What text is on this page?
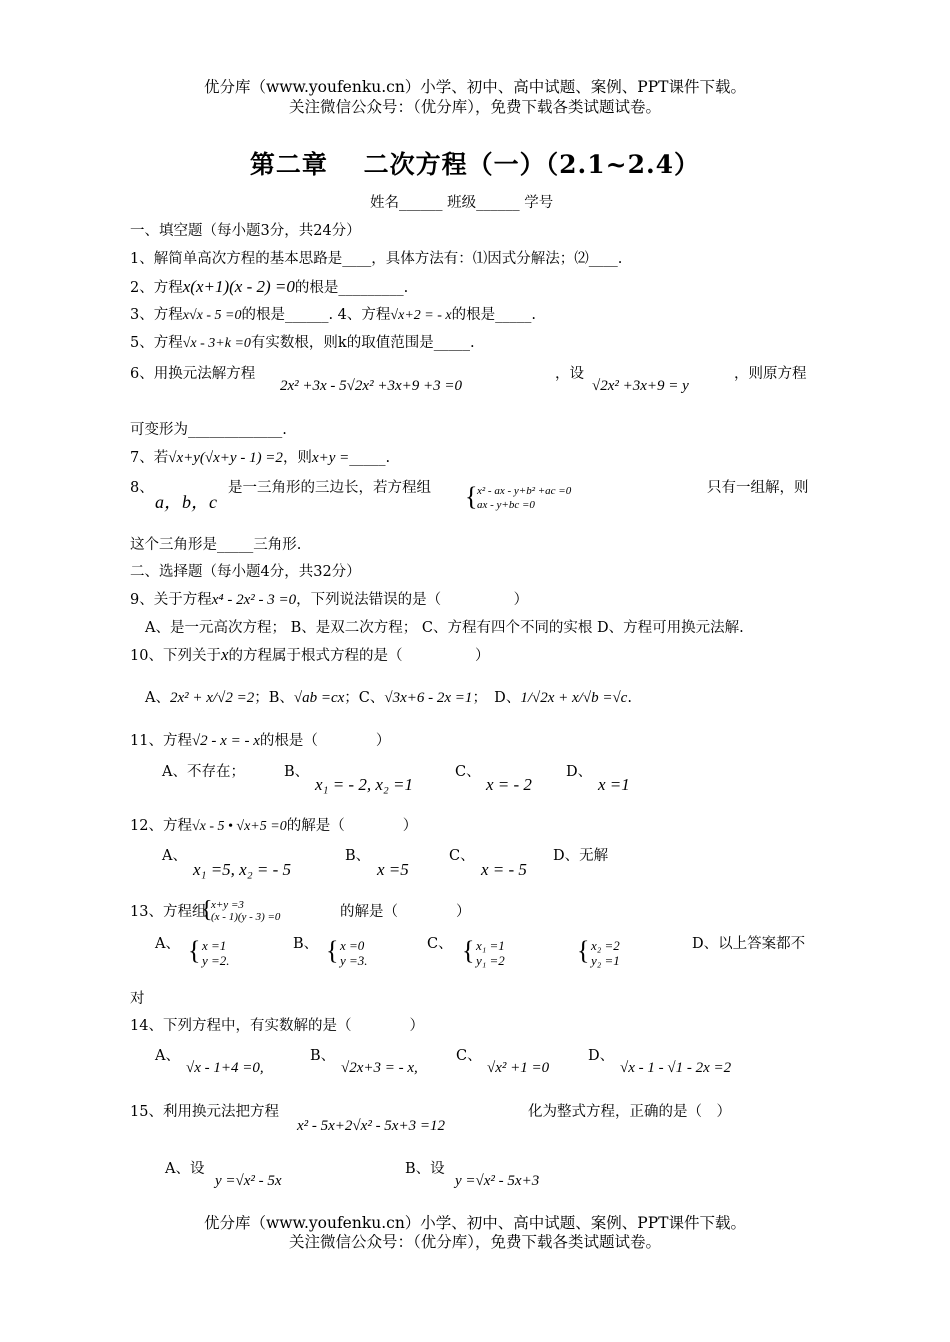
优分库（www.youfenku.cn）小学、初中、高中试题、案例、PPT课件下载。
关注微信公众号：（优分库），免费下载各类试题试卷。
第二章　 二次方程（一）（2.1~2.4）
姓名______ 班级______ 学号
一、填空题（每小题3分，共24分）
1、解简单高次方程的基本思路是____，具体方法有：⑴因式分解法；⑵____.
2、方程x(x+1)(x - 2) =0的根是_________.
3、方程x√x - 5 =0的根是______. 4、方程√x+2 = - x的根是_____.
5、方程√x - 3+k =0有实数根，则k的取值范围是_____.
6、用换元法解方程
2x² +3x - 5√2x² +3x+9 +3 =0
，设
√2x² +3x+9 = y
，则原方程
可变形为_____________.
7、若√x+y(√x+y - 1) =2，则x+y =_____.
8、
a，b，c
是一三角形的三边长，若方程组 { x² - ax - y+b² +ac =0
ax - y+bc =0
只有一组解，则
这个三角形是_____三角形.
二、选择题（每小题4分，共32分）
9、关于方程x⁴ - 2x² - 3 =0，下列说法错误的是（　　　　　）
A、是一元高次方程； B、是双二次方程； C、方程有四个不同的实根 D、方程可用换元法解.
10、下列关于x的方程属于根式方程的是（　　　　　）
A、2x² + x/√2 =2；B、√ab =cx；C、√3x+6 - 2x =1；　D、1/√2x + x/√b =√c.
11、方程√2 - x = - x的根是（　　　　）
A、不存在；	B、
x₁ = - 2, x₂ =1
C、
x = - 2
D、
x =1
12、方程√x - 5 • √x+5 =0的解是（　　　　）
A、
x₁ =5, x₂ = - 5
B、
x =5
C、
x = - 5
D、无解
13、方程组
{
x+y =3
(x - 1)(y - 3) =0	的解是（　　　　）
A、 { x =1
y =2.
B、 { x =0
y =3.
C、 { x₁ =1
y₁ =2	{ x₂ =2
y₂ =1
D、以上答案都不
对
14、下列方程中，有实数解的是（　　　　）
A、
√x - 1+4 =0,
B、
√2x+3 = - x,
C、
√x² +1 =0
D、
√x - 1 - √1 - 2x =2
15、利用换元法把方程
x² - 5x+2√x² - 5x+3 =12
化为整式方程，正确的是（　）
A、设
y =√x² - 5x
B、设
y =√x² - 5x+3
优分库（www.youfenku.cn）小学、初中、高中试题、案例、PPT课件下载。
关注微信公众号：（优分库），免费下载各类试题试卷。
